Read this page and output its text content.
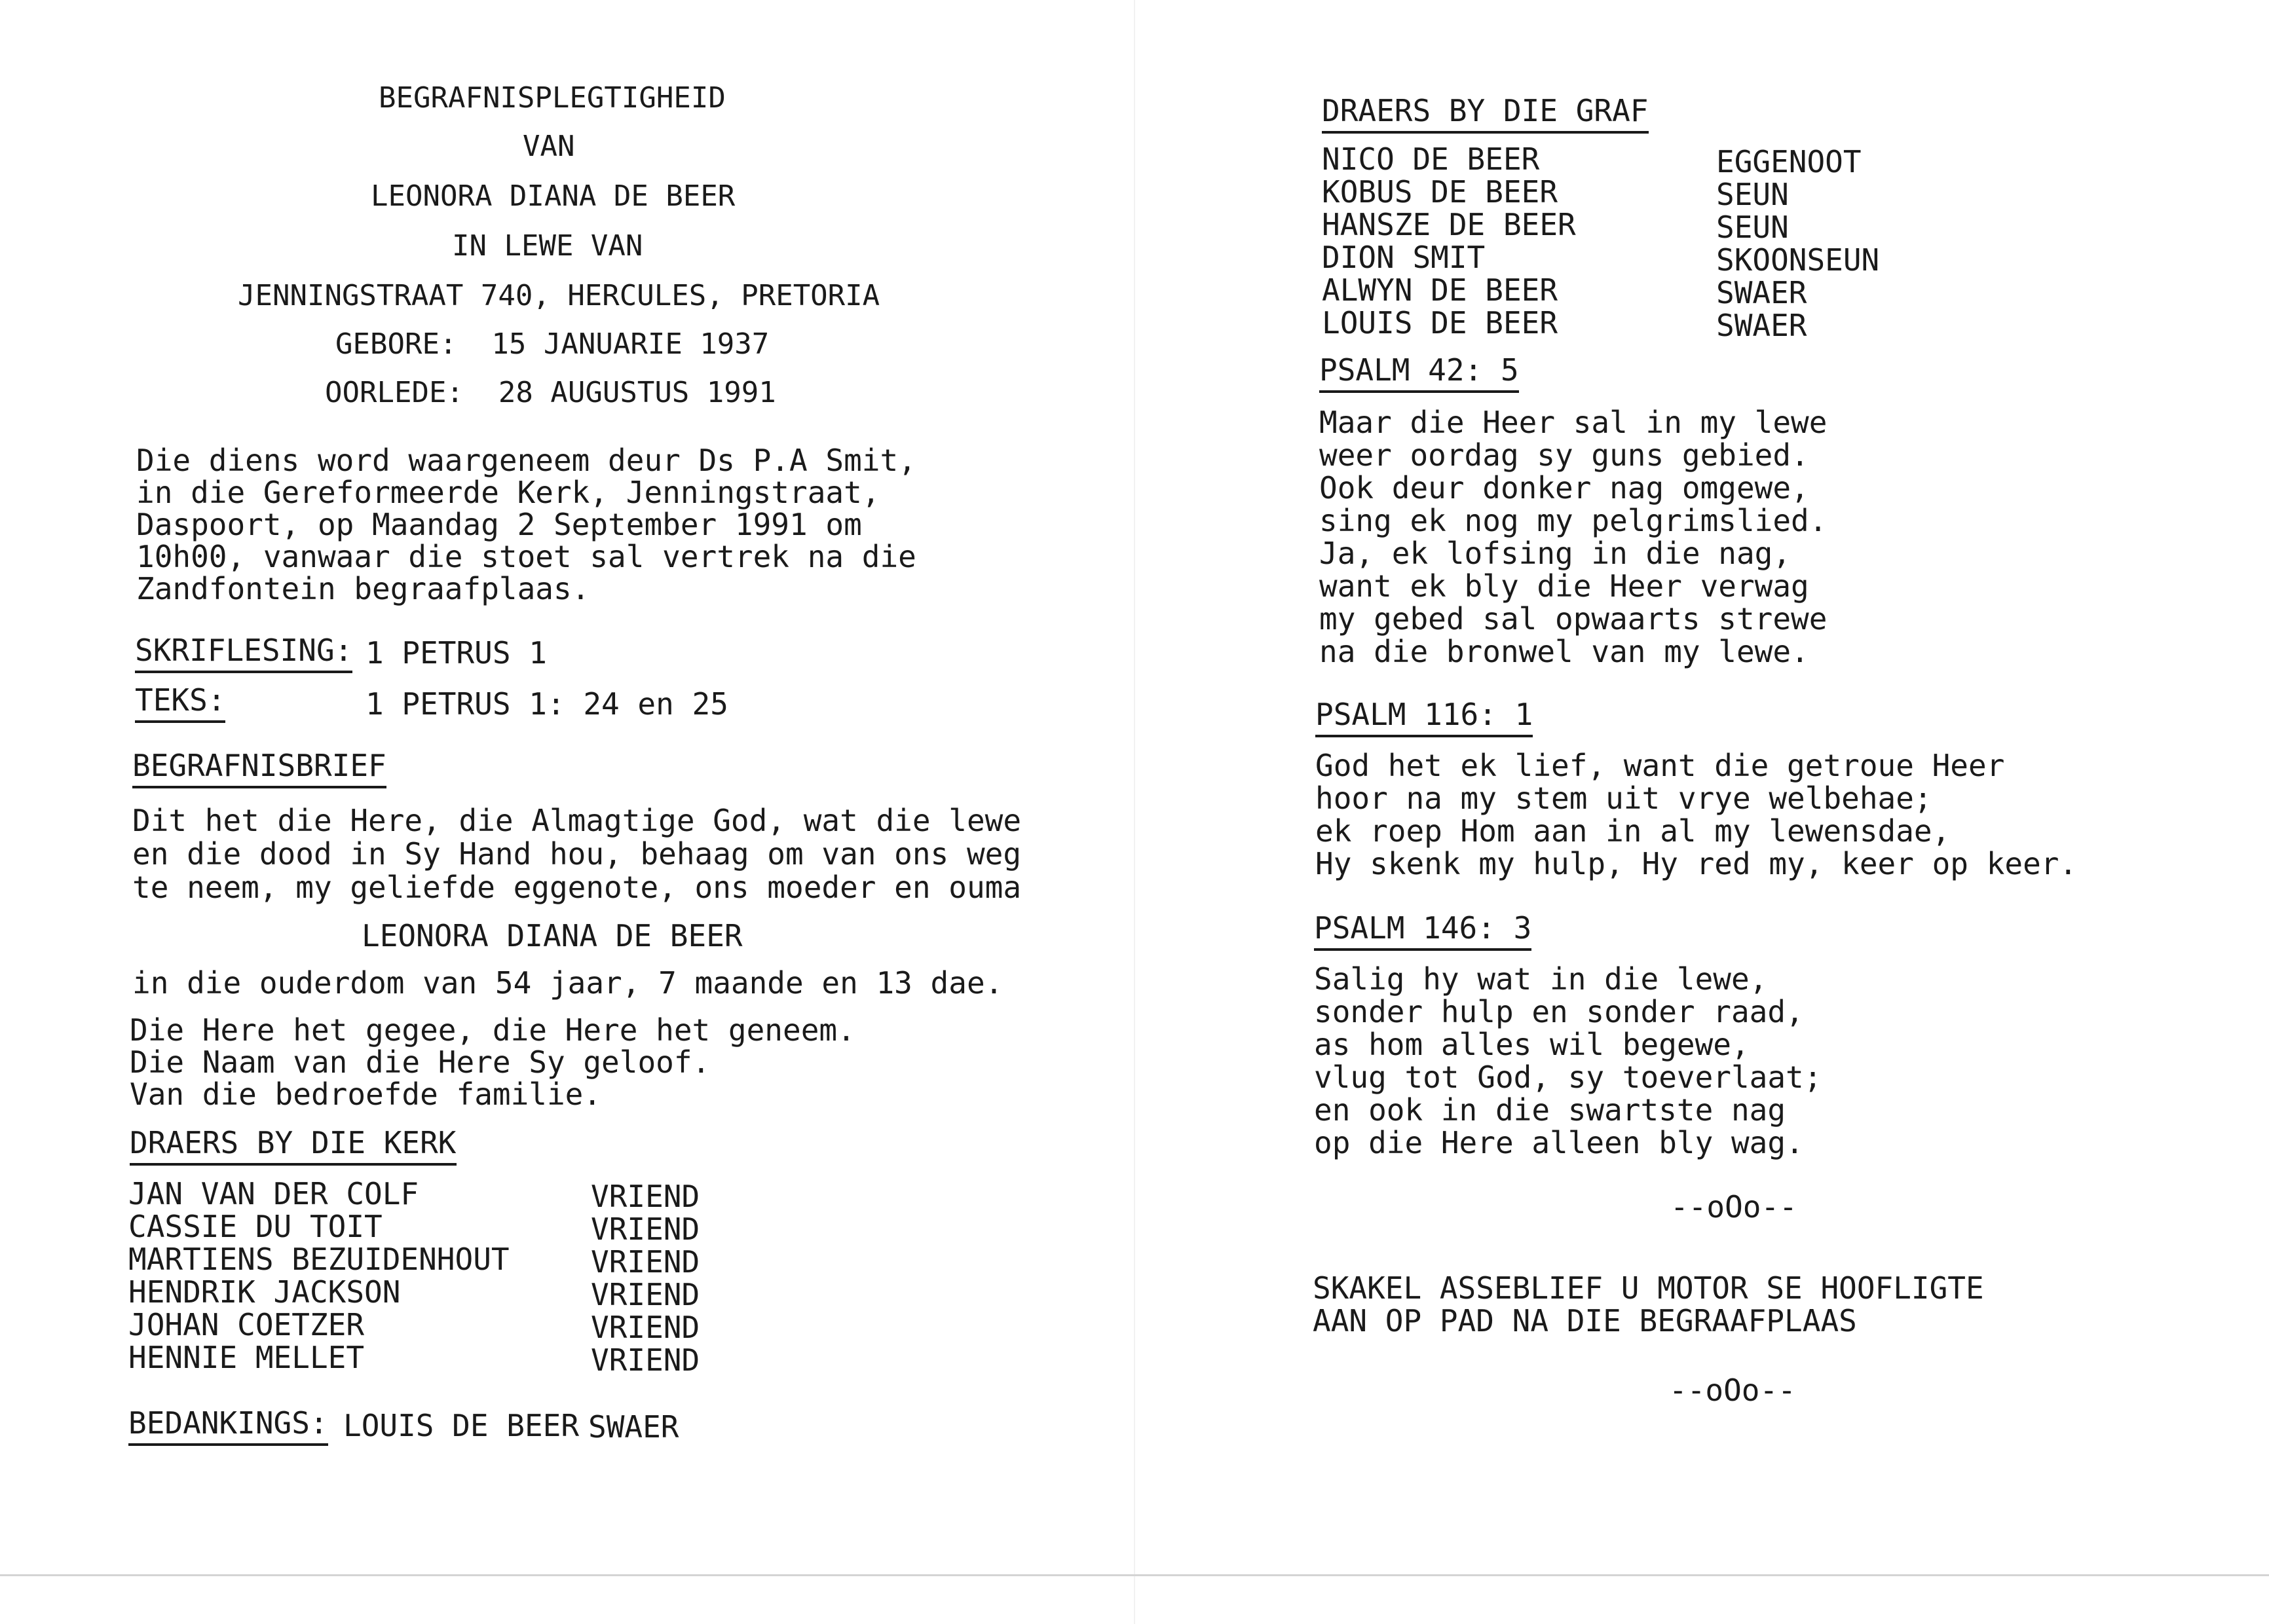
BEGRAFNISPLEGTIGHEID
VAN
LEONORA DIANA DE BEER
IN LEWE VAN
JENNINGSTRAAT 740, HERCULES, PRETORIA
GEBORE:  15 JANUARIE 1937
OORLEDE:  28 AUGUSTUS 1991
Die diens word waargeneem deur Ds P.A Smit,
in die Gereformeerde Kerk, Jenningstraat,
Daspoort, op Maandag 2 September 1991 om
10h00, vanwaar die stoet sal vertrek na die
Zandfontein begraafplaas.
SKRIFLESING: 1 PETRUS 1
TEKS:	1 PETRUS 1: 24 en 25
BEGRAFNISBRIEF
Dit het die Here, die Almagtige God, wat die lewe
en die dood in Sy Hand hou, behaag om van ons weg
te neem, my geliefde eggenote, ons moeder en ouma
LEONORA DIANA DE BEER
in die ouderdom van 54 jaar, 7 maande en 13 dae.
Die Here het gegee, die Here het geneem.
Die Naam van die Here Sy geloof.
Van die bedroefde familie.
DRAERS BY DIE KERK
JAN VAN DER COLF	VRIEND
CASSIE DU TOIT	VRIEND
MARTIENS BEZUIDENHOUT	VRIEND
HENDRIK JACKSON	VRIEND
JOHAN COETZER	VRIEND
HENNIE MELLET	VRIEND
BEDANKINGS: LOUIS DE BEER SWAER
DRAERS BY DIE GRAF
NICO DE BEER	EGGENOOT
KOBUS DE BEER	SEUN
HANSZE DE BEER	SEUN
DION SMIT	SKOONSEUN
ALWYN DE BEER	SWAER
LOUIS DE BEER	SWAER
PSALM 42: 5
Maar die Heer sal in my lewe
weer oordag sy guns gebied.
Ook deur donker nag omgewe,
sing ek nog my pelgrimslied.
Ja, ek lofsing in die nag,
want ek bly die Heer verwag
my gebed sal opwaarts strewe
na die bronwel van my lewe.
PSALM 116: 1
God het ek lief, want die getroue Heer
hoor na my stem uit vrye welbehae;
ek roep Hom aan in al my lewensdae,
Hy skenk my hulp, Hy red my, keer op keer.
PSALM 146: 3
Salig hy wat in die lewe,
sonder hulp en sonder raad,
as hom alles wil begewe,
vlug tot God, sy toeverlaat;
en ook in die swartste nag
op die Here alleen bly wag.
--oOo--
SKAKEL ASSEBLIEF U MOTOR SE HOOFLIGTE
AAN OP PAD NA DIE BEGRAAFPLAAS
--oOo--
